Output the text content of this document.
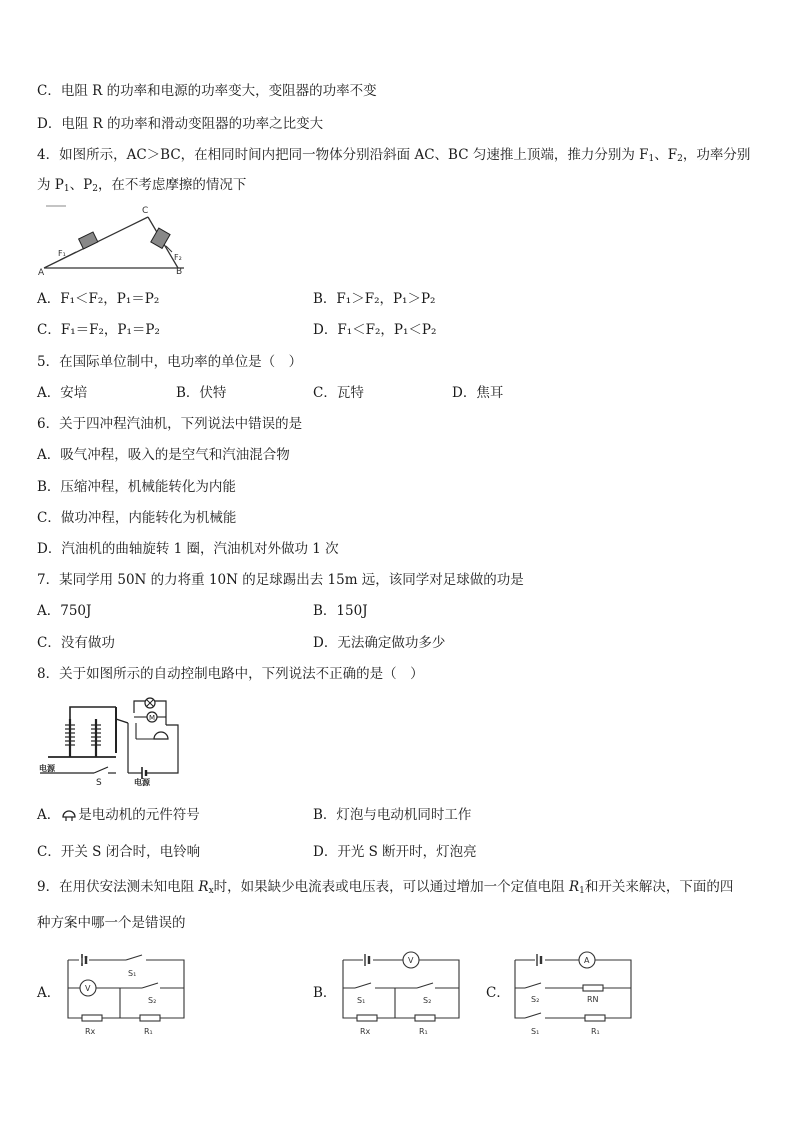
C．电阻 R 的功率和电源的功率变大，变阻器的功率不变
D．电阻 R 的功率和滑动变阻器的功率之比变大
4．如图所示，AC＞BC，在相同时间内把同一物体分别沿斜面 AC、BC 匀速推上顶端，推力分别为 $F_1$、$F_2$，功率分别
为 $P_1$、$P_2$，在不考虑摩擦的情况下
A	B
C
F₁	F₂
A．F₁＜F₂，P₁＝P₂	B．F₁＞F₂，P₁＞P₂
C．F₁＝F₂，P₁＝P₂	D．F₁＜F₂，P₁＜P₂
5．在国际单位制中，电功率的单位是（　）
A．安培	B．伏特	C．瓦特	D．焦耳
6．关于四冲程汽油机，下列说法中错误的是
A．吸气冲程，吸入的是空气和汽油混合物
B．压缩冲程，机械能转化为内能
C．做功冲程，内能转化为机械能
D．汽油机的曲轴旋转 1 圈，汽油机对外做功 1 次
7．某同学用 50N 的力将重 10N 的足球踢出去 15m 远，该同学对足球做的功是
A．750J	B．150J
C．没有做功	D．无法确定做功多少
8．关于如图所示的自动控制电路中，下列说法不正确的是（　）
M
电源
S	电源
A． 是电动机的元件符号	B．灯泡与电动机同时工作
C．开关 S 闭合时，电铃响	D．开光 S 断开时，灯泡亮
9．在用伏安法测未知电阻 $R_x$时，如果缺少电流表或电压表，可以通过增加一个定值电阻 $R_1$和开关来解决，下面的四
种方案中哪一个是错误的
A．
S₁
V
S₂
Rx	R₁
B．
V
S₁	S₂
Rx	R₁
C．
A
S₂	RN
S₁	R₁
